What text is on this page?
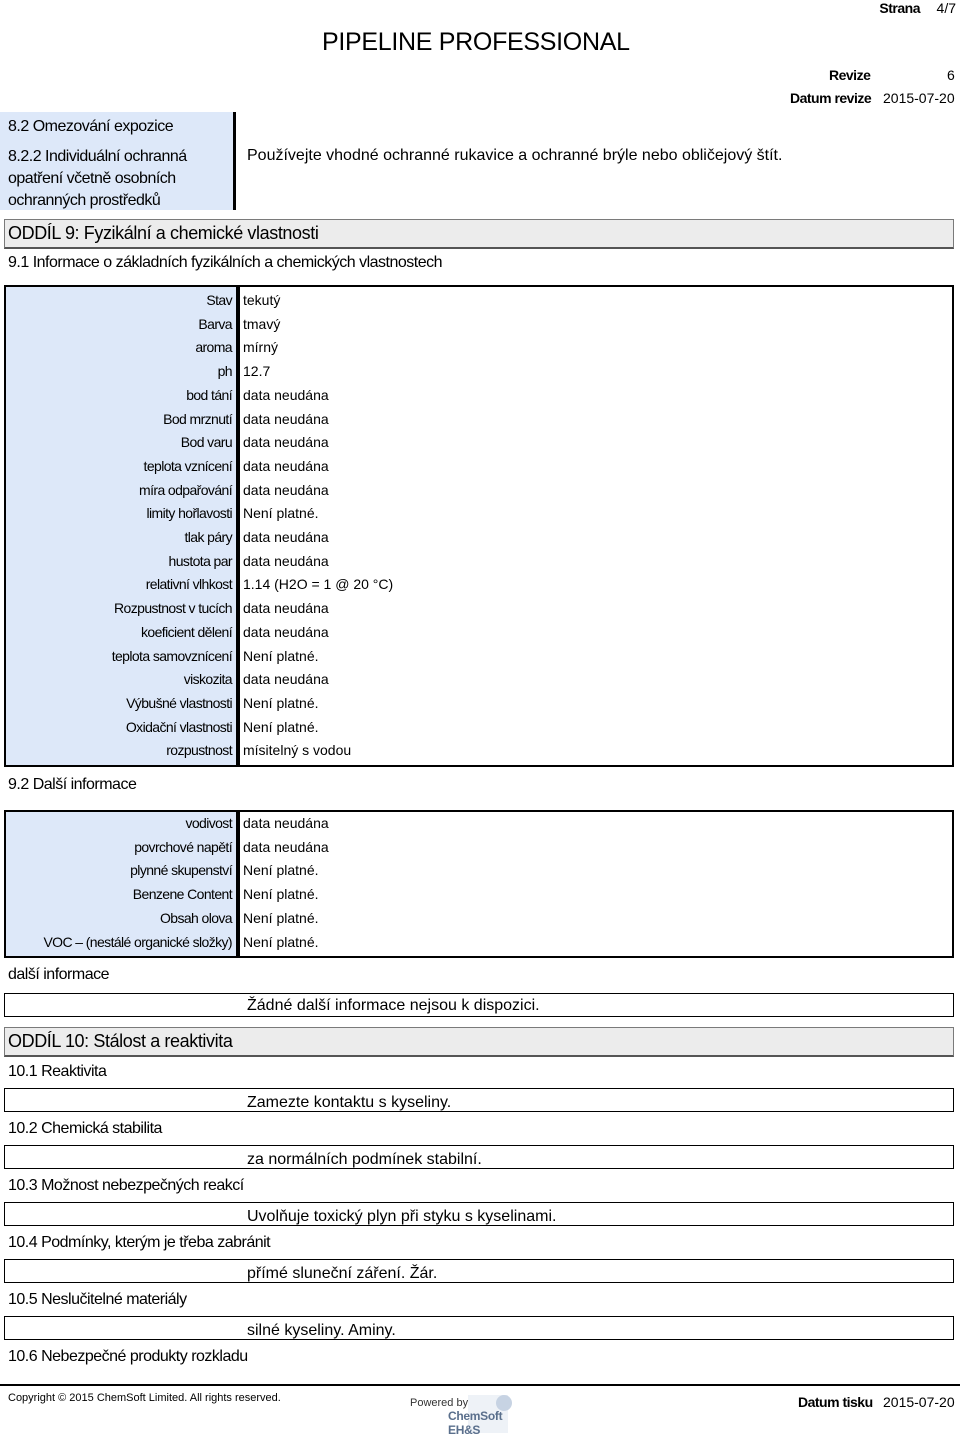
Strana 4/7
PIPELINE PROFESSIONAL
Revize	6
Datum revize 2015-07-20
8.2 Omezování expozice
8.2.2 Individuální ochranná opatření včetně osobních ochranných prostředků
Používejte vhodné ochranné rukavice a ochranné brýle nebo obličejový štít.
ODDÍL 9: Fyzikální a chemické vlastnosti
9.1 Informace o základních fyzikálních a chemických vlastnostech
Stav tekutý
Barva tmavý
aroma mírný
ph 12.7
bod tání data neudána
Bod mrznutí data neudána
Bod varu data neudána
teplota vznícení data neudána
míra odpařování data neudána
limity hořlavosti Není platné.
tlak páry data neudána
hustota par data neudána
relativní vlhkost 1.14 (H2O = 1 @ 20 °C)
Rozpustnost v tucích data neudána
koeficient dělení data neudána
teplota samovznícení Není platné.
viskozita data neudána
Výbušné vlastnosti Není platné.
Oxidační vlastnosti Není platné.
rozpustnost mísitelný s vodou
9.2 Další informace
vodivost data neudána
povrchové napětí data neudána
plynné skupenství Není platné.
Benzene Content Není platné.
Obsah olova Není platné.
VOC – (nestálé organické složky) Není platné.
další informace
Žádné další informace nejsou k dispozici.
ODDÍL 10: Stálost a reaktivita
10.1 Reaktivita
Zamezte kontaktu s kyseliny.
10.2 Chemická stabilita
za normálních podmínek stabilní.
10.3 Možnost nebezpečných reakcí
Uvolňuje toxický plyn při styku s kyselinami.
10.4 Podmínky, kterým je třeba zabránit
přímé sluneční záření. Žár.
10.5 Neslučitelné materiály
silné kyseliny. Aminy.
10.6 Nebezpečné produkty rozkladu
Copyright © 2015 ChemSoft Limited. All rights reserved.	Powered by
ChemSoft EH&S
Datum tisku 2015-07-20
